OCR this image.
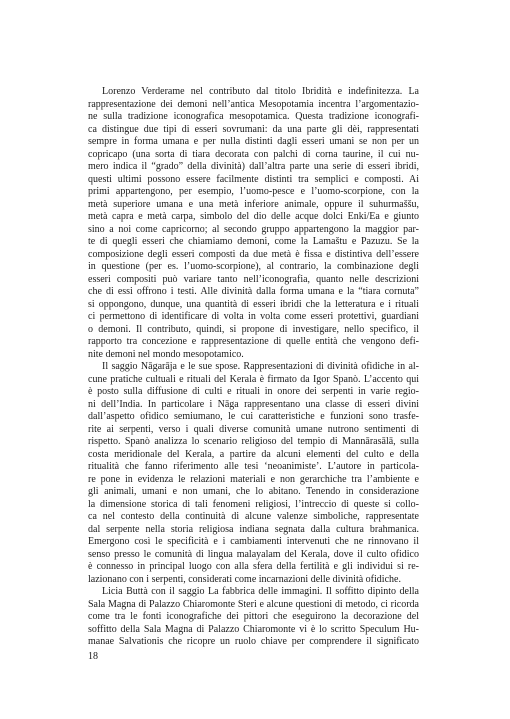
Lorenzo Verderame nel contributo dal titolo Ibridità e indefinitezza. La
rappresentazione dei demoni nell’antica Mesopotamia incentra l’argomentazio-
ne sulla tradizione iconografica mesopotamica. Questa tradizione iconografi-
ca distingue due tipi di esseri sovrumani: da una parte gli dèi, rappresentati
sempre in forma umana e per nulla distinti dagli esseri umani se non per un
copricapo (una sorta di tiara decorata con palchi di corna taurine, il cui nu-
mero indica il “grado” della divinità) dall’altra parte una serie di esseri ibridi,
questi ultimi possono essere facilmente distinti tra semplici e composti. Ai
primi appartengono, per esempio, l’uomo-pesce e l’uomo-scorpione, con la
metà superiore umana e una metà inferiore animale, oppure il suhurmaššu,
metà capra e metà carpa, simbolo del dio delle acque dolci Enki/Ea e giunto
sino a noi come capricorno; al secondo gruppo appartengono la maggior par-
te di quegli esseri che chiamiamo demoni, come la Lamaštu e Pazuzu. Se la
composizione degli esseri composti da due metà è fissa e distintiva dell’essere
in questione (per es. l’uomo-scorpione), al contrario, la combinazione degli
esseri compositi può variare tanto nell’iconografia, quanto nelle descrizioni
che di essi offrono i testi. Alle divinità dalla forma umana e la “tiara cornuta”
si oppongono, dunque, una quantità di esseri ibridi che la letteratura e i rituali
ci permettono di identificare di volta in volta come esseri protettivi, guardiani
o demoni. Il contributo, quindi, si propone di investigare, nello specifico, il
rapporto tra concezione e rappresentazione di quelle entità che vengono defi-
nite demoni nel mondo mesopotamico.
Il saggio Nāgarāja e le sue spose. Rappresentazioni di divinità ofidiche in al-
cune pratiche cultuali e rituali del Kerala è firmato da Igor Spanò. L’accento qui
è posto sulla diffusione di culti e rituali in onore dei serpenti in varie regio-
ni dell’India. In particolare i Nāga rappresentano una classe di esseri divini
dall’aspetto ofidico semiumano, le cui caratteristiche e funzioni sono trasfe-
rite ai serpenti, verso i quali diverse comunità umane nutrono sentimenti di
rispetto. Spanò analizza lo scenario religioso del tempio di Mannārasālā, sulla
costa meridionale del Kerala, a partire da alcuni elementi del culto e della
ritualità che fanno riferimento alle tesi ‘neoanimiste’. L’autore in particola-
re pone in evidenza le relazioni materiali e non gerarchiche tra l’ambiente e
gli animali, umani e non umani, che lo abitano. Tenendo in considerazione
la dimensione storica di tali fenomeni religiosi, l’intreccio di queste si collo-
ca nel contesto della continuità di alcune valenze simboliche, rappresentate
dal serpente nella storia religiosa indiana segnata dalla cultura brahmanica.
Emergono così le specificità e i cambiamenti intervenuti che ne rinnovano il
senso presso le comunità di lingua malayalam del Kerala, dove il culto ofidico
è connesso in principal luogo con alla sfera della fertilità e gli individui si re-
lazionano con i serpenti, considerati come incarnazioni delle divinità ofidiche.
Licia Buttà con il saggio La fabbrica delle immagini. Il soffitto dipinto della
Sala Magna di Palazzo Chiaromonte Steri e alcune questioni di metodo, ci ricorda
come tra le fonti iconografiche dei pittori che eseguirono la decorazione del
soffitto della Sala Magna di Palazzo Chiaromonte vi è lo scritto Speculum Hu-
manae Salvationis che ricopre un ruolo chiave per comprendere il significato
18
